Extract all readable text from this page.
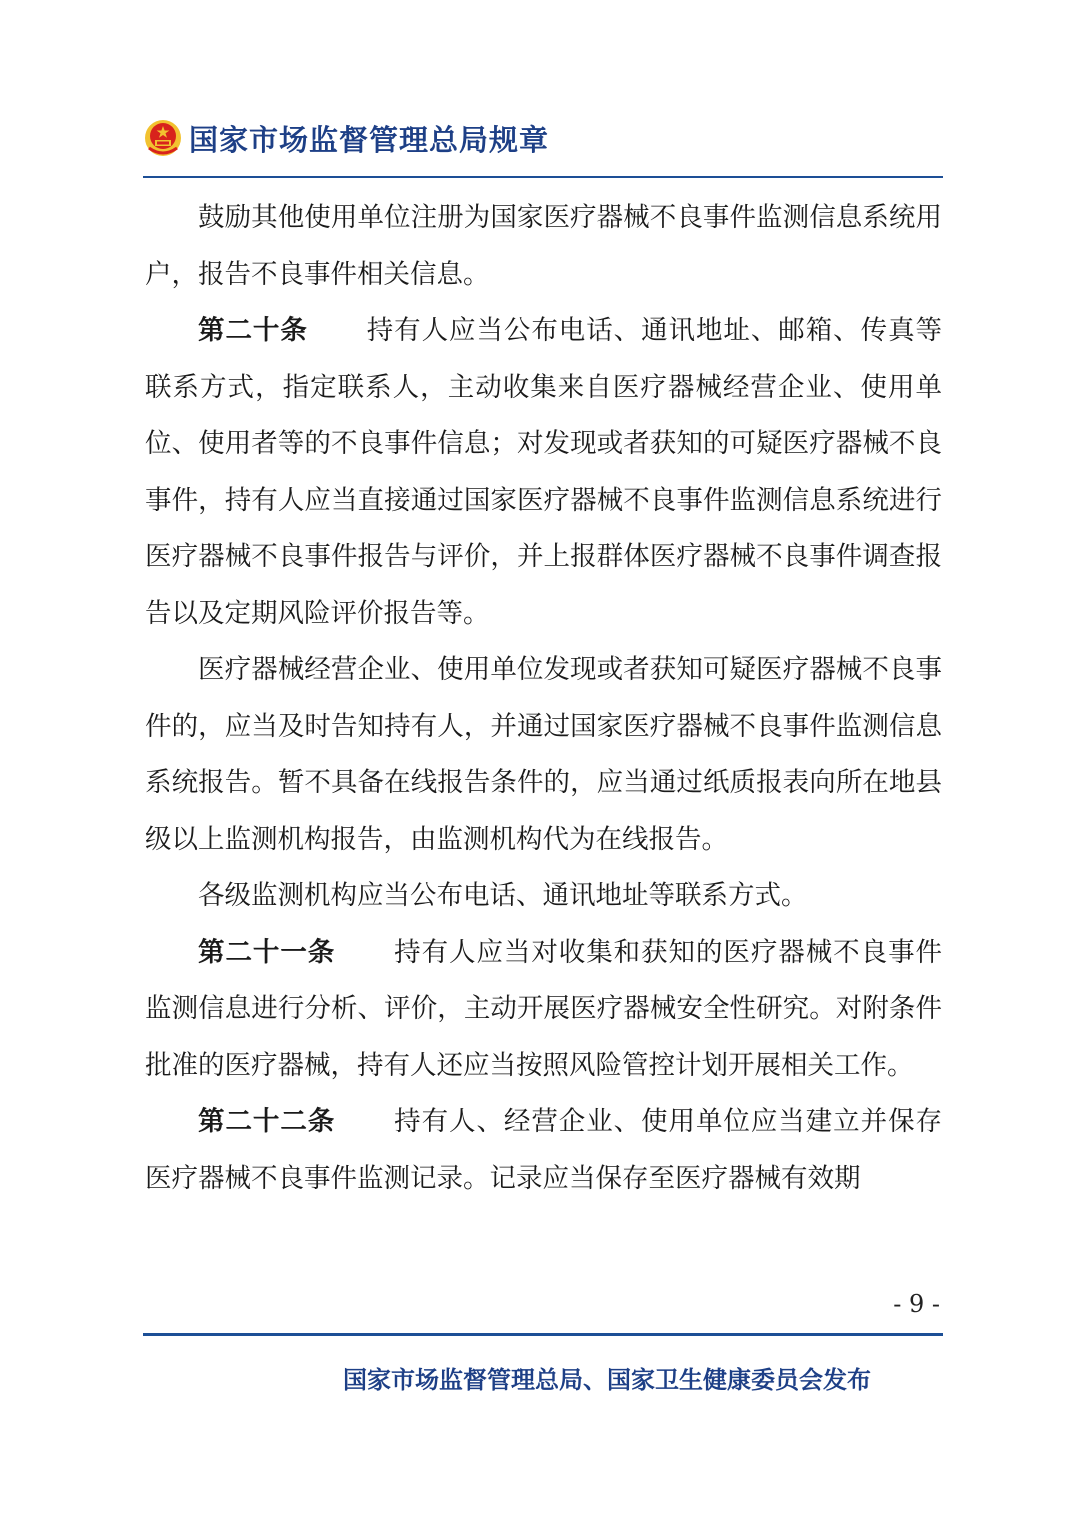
国家市场监督管理总局规章

鼓励其他使用单位注册为国家医疗器械不良事件监测信息系统用户，报告不良事件相关信息。

第二十条 持有人应当公布电话、通讯地址、邮箱、传真等联系方式，指定联系人，主动收集来自医疗器械经营企业、使用单位、使用者等的不良事件信息；对发现或者获知的可疑医疗器械不良事件，持有人应当直接通过国家医疗器械不良事件监测信息系统进行医疗器械不良事件报告与评价，并上报群体医疗器械不良事件调查报告以及定期风险评价报告等。

医疗器械经营企业、使用单位发现或者获知可疑医疗器械不良事件的，应当及时告知持有人，并通过国家医疗器械不良事件监测信息系统报告。暂不具备在线报告条件的，应当通过纸质报表向所在地县级以上监测机构报告，由监测机构代为在线报告。

各级监测机构应当公布电话、通讯地址等联系方式。

第二十一条 持有人应当对收集和获知的医疗器械不良事件监测信息进行分析、评价，主动开展医疗器械安全性研究。对附条件批准的医疗器械，持有人还应当按照风险管控计划开展相关工作。

第二十二条 持有人、经营企业、使用单位应当建立并保存医疗器械不良事件监测记录。记录应当保存至医疗器械有效期

- 9 -
国家市场监督管理总局、国家卫生健康委员会发布
